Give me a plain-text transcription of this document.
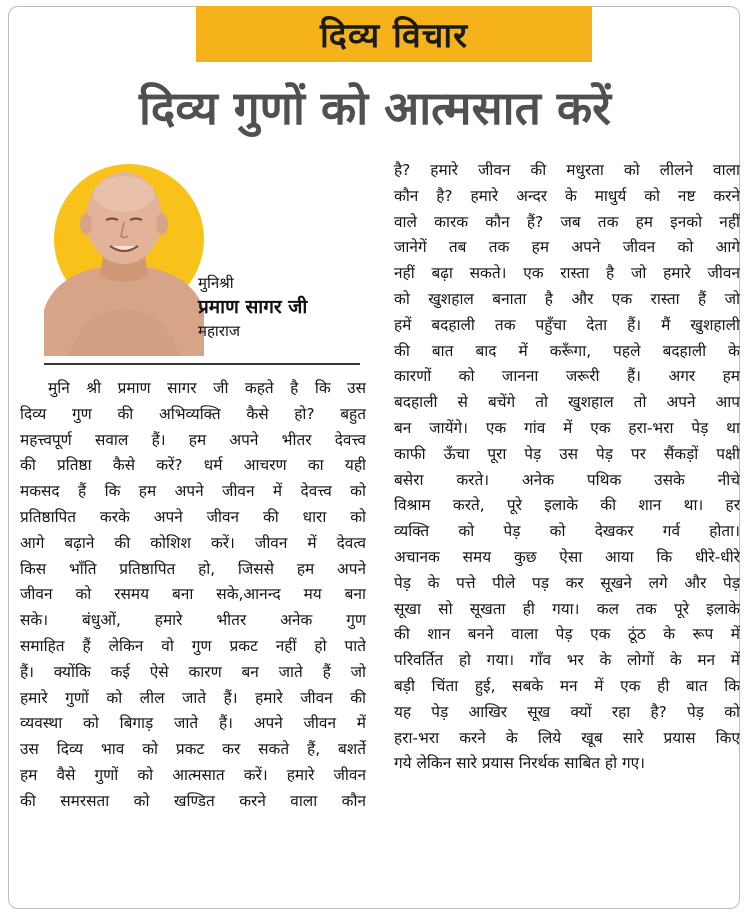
दिव्य विचार
दिव्य गुणों को आत्मसात करें
मुनिश्री
प्रमाण सागर जी
महाराज
मुनि श्री प्रमाण सागर जी कहते है कि उस
दिव्य गुण की अभिव्यक्ति कैसे हो? बहुत
महत्त्वपूर्ण सवाल हैं। हम अपने भीतर देवत्त्व
की प्रतिष्ठा कैसे करें? धर्म आचरण का यही
मकसद हैं कि हम अपने जीवन में देवत्त्व को
प्रतिष्ठापित करके अपने जीवन की धारा को
आगे बढ़ाने की कोशिश करें। जीवन में देवत्व
किस भाँति प्रतिष्ठापित हो, जिससे हम अपने
जीवन को रसमय बना सके,आनन्द मय बना
सके। बंधुओं, हमारे भीतर अनेक गुण
समाहित हैं लेकिन वो गुण प्रकट नहीं हो पाते
हैं। क्योंकि कई ऐसे कारण बन जाते हैं जो
हमारे गुणों को लील जाते हैं। हमारे जीवन की
व्यवस्था को बिगाड़ जाते हैं। अपने जीवन में
उस दिव्य भाव को प्रकट कर सकते हैं, बशर्ते
हम वैसे गुणों को आत्मसात करें। हमारे जीवन
की समरसता को खण्डित करने वाला कौन
है? हमारे जीवन की मधुरता को लीलने वाला
कौन है? हमारे अन्दर के माधुर्य को नष्ट करने
वाले कारक कौन हैं? जब तक हम इनको नहीं
जानेगें तब तक हम अपने जीवन को आगे
नहीं बढ़ा सकते। एक रास्ता है जो हमारे जीवन
को खुशहाल बनाता है और एक रास्ता हैं जो
हमें बदहाली तक पहुँचा देता हैं। मैं खुशहाली
की बात बाद में करूँगा, पहले बदहाली के
कारणों को जानना जरूरी हैं। अगर हम
बदहाली से बचेंगे तो खुशहाल तो अपने आप
बन जायेंगे। एक गांव में एक हरा-भरा पेड़ था
काफी ऊँचा पूरा पेड़ उस पेड़ पर सैंकड़ों पक्षी
बसेरा करते। अनेक पथिक उसके नीचे
विश्राम करते, पूरे इलाके की शान था। हर
व्यक्ति को पेड़ को देखकर गर्व होता।
अचानक समय कुछ ऐसा आया कि धीरे-धीरे
पेड़ के पत्ते पीले पड़ कर सूखने लगे और पेड़
सूखा सो सूखता ही गया। कल तक पूरे इलाके
की शान बनने वाला पेड़ एक ठूंठ के रूप में
परिवर्तित हो गया। गाँव भर के लोगों के मन में
बड़ी चिंता हुई, सबके मन में एक ही बात कि
यह पेड़ आखिर सूख क्यों रहा है? पेड़ को
हरा-भरा करने के लिये खूब सारे प्रयास किए
गये लेकिन सारे प्रयास निरर्थक साबित हो गए।
